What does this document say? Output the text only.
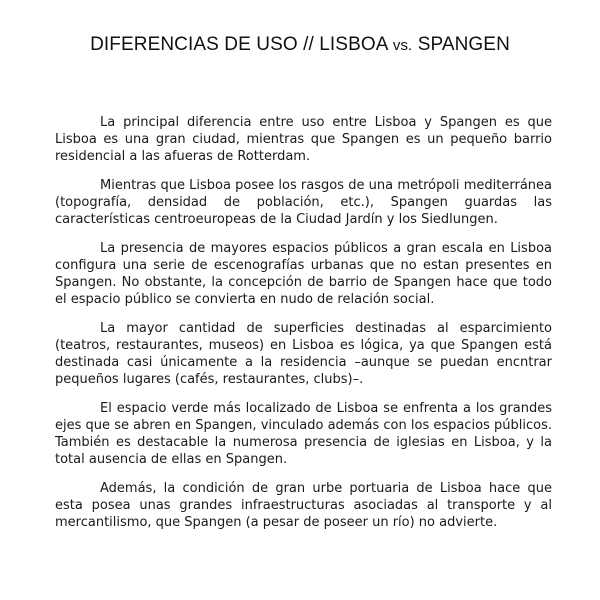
DIFERENCIAS DE USO // LISBOA vs. SPANGEN

La principal diferencia entre uso entre Lisboa y Spangen es que Lisboa es una gran ciudad, mientras que Spangen es un pequeño barrio residencial a las afueras de Rotterdam.

Mientras que Lisboa posee los rasgos de una metrópoli mediterránea (topografía, densidad de población, etc.), Spangen guardas las características centroeuropeas de la Ciudad Jardín y los Siedlungen.

La presencia de mayores espacios públicos a gran escala en Lisboa configura una serie de escenografías urbanas que no estan presentes en Spangen. No obstante, la concepción de barrio de Spangen hace que todo el espacio público se convierta en nudo de relación social.

La mayor cantidad de superficies destinadas al esparcimiento (teatros, restaurantes, museos) en Lisboa es lógica, ya que Spangen está destinada casi únicamente a la residencia –aunque se puedan encntrar pequeños lugares (cafés, restaurantes, clubs)–.

El espacio verde más localizado de Lisboa se enfrenta a los grandes ejes que se abren en Spangen, vinculado además con los espacios públicos. También es destacable la numerosa presencia de iglesias en Lisboa, y la total ausencia de ellas en Spangen.

Además, la condición de gran urbe portuaria de Lisboa hace que esta posea unas grandes infraestructuras asociadas al transporte y al mercantilismo, que Spangen (a pesar de poseer un río) no advierte.
